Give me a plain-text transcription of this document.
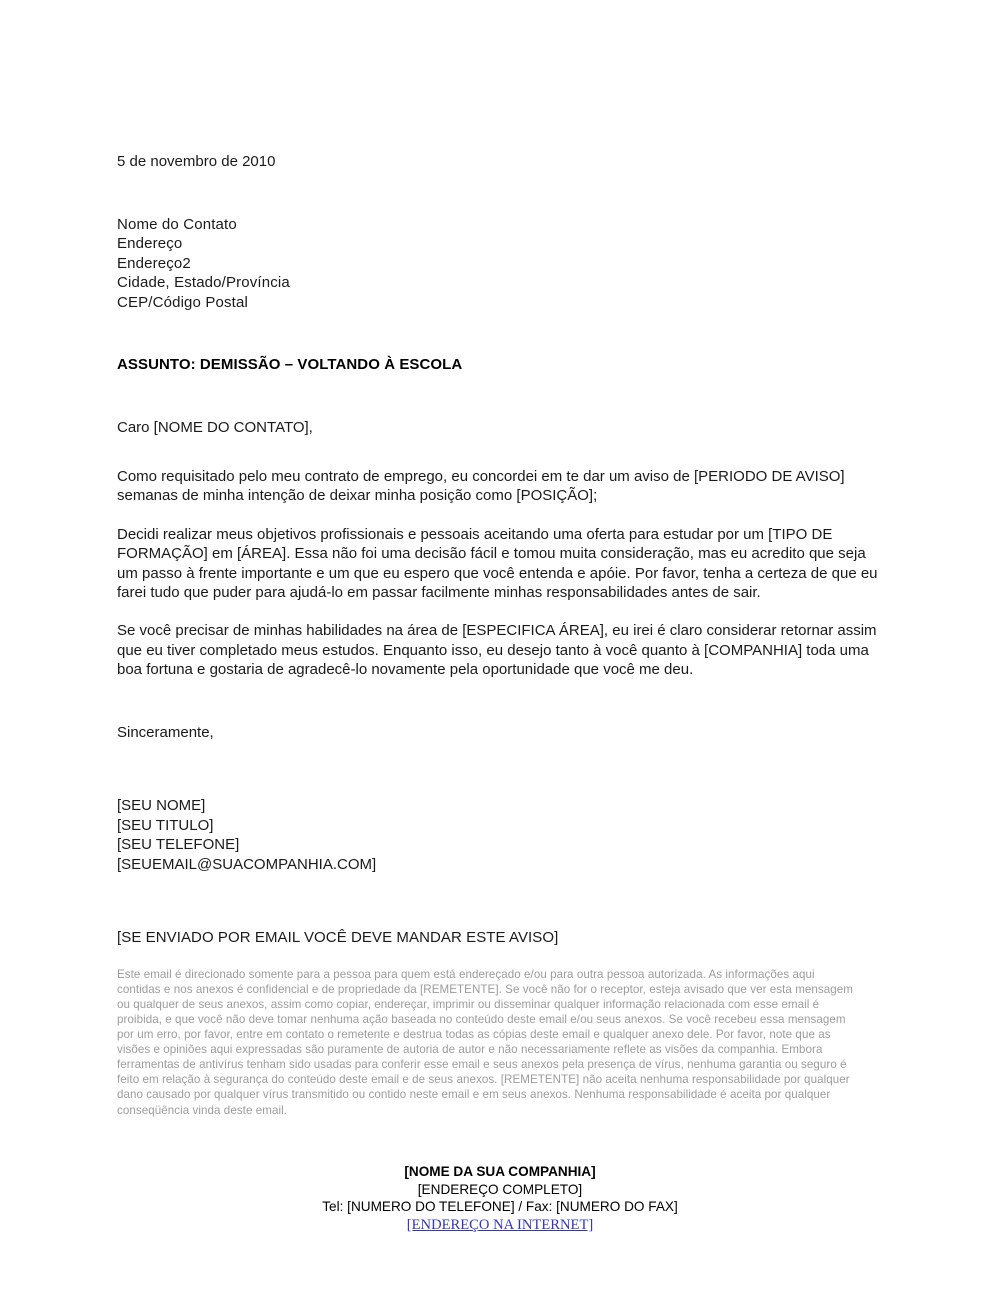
5 de novembro de 2010
Nome do Contato
Endereço
Endereço2
Cidade, Estado/Província
CEP/Código Postal
ASSUNTO: DEMISSÃO – VOLTANDO À ESCOLA
Caro [NOME DO CONTATO],

Como requisitado pelo meu contrato de emprego, eu concordei em te dar um aviso de [PERIODO DE AVISO] semanas de minha intenção de deixar minha posição como [POSIÇÃO];

Decidi realizar meus objetivos profissionais e pessoais aceitando uma oferta para estudar por um [TIPO DE FORMAÇÃO] em [ÁREA]. Essa não foi uma decisão fácil e tomou muita consideração, mas eu acredito que seja um passo à frente importante e um que eu espero que você entenda e apóie. Por favor, tenha a certeza de que eu farei tudo que puder para ajudá-lo em passar facilmente minhas responsabilidades antes de sair.

Se você precisar de minhas habilidades na área de [ESPECIFICA ÁREA], eu irei é claro considerar retornar assim que eu tiver completado meus estudos. Enquanto isso, eu desejo tanto à você quanto à [COMPANHIA] toda uma boa fortuna e gostaria de agradecê-lo novamente pela oportunidade que você me deu.

Sinceramente,
[SEU NOME]
[SEU TITULO]
[SEU TELEFONE]
[SEUEMAIL@SUACOMPANHIA.COM]
[SE ENVIADO POR EMAIL VOCÊ DEVE MANDAR ESTE AVISO]

Este email é direcionado somente para a pessoa para quem está endereçado e/ou para outra pessoa autorizada. As informações aqui contidas e nos anexos é confidencial e de propriedade da [REMETENTE]. Se você não for o receptor, esteja avisado que ver esta mensagem ou qualquer de seus anexos, assim como copiar, endereçar, imprimir ou disseminar qualquer informação relacionada com esse email é proibida, e que você não deve tomar nenhuma ação baseada no conteúdo deste email e/ou seus anexos. Se você recebeu essa mensagem por um erro, por favor, entre em contato o remetente e destrua todas as cópias deste email e qualquer anexo dele. Por favor, note que as visões e opiniões aqui expressadas são puramente de autoria de autor e não necessariamente reflete as visões da companhia. Embora ferramentas de antivírus tenham sido usadas para conferir esse email e seus anexos pela presença de vírus, nenhuma garantia ou seguro é feito em relação à segurança do conteúdo deste email e de seus anexos. [REMETENTE] não aceita nenhuma responsabilidade por qualquer dano causado por qualquer vírus transmitido ou contido neste email e em seus anexos. Nenhuma responsabilidade é aceita por qualquer conseqüência vinda deste email.

[NOME DA SUA COMPANHIA]
[ENDEREÇO COMPLETO]
Tel: [NUMERO DO TELEFONE] / Fax: [NUMERO DO FAX]
[ENDEREÇO NA INTERNET]
